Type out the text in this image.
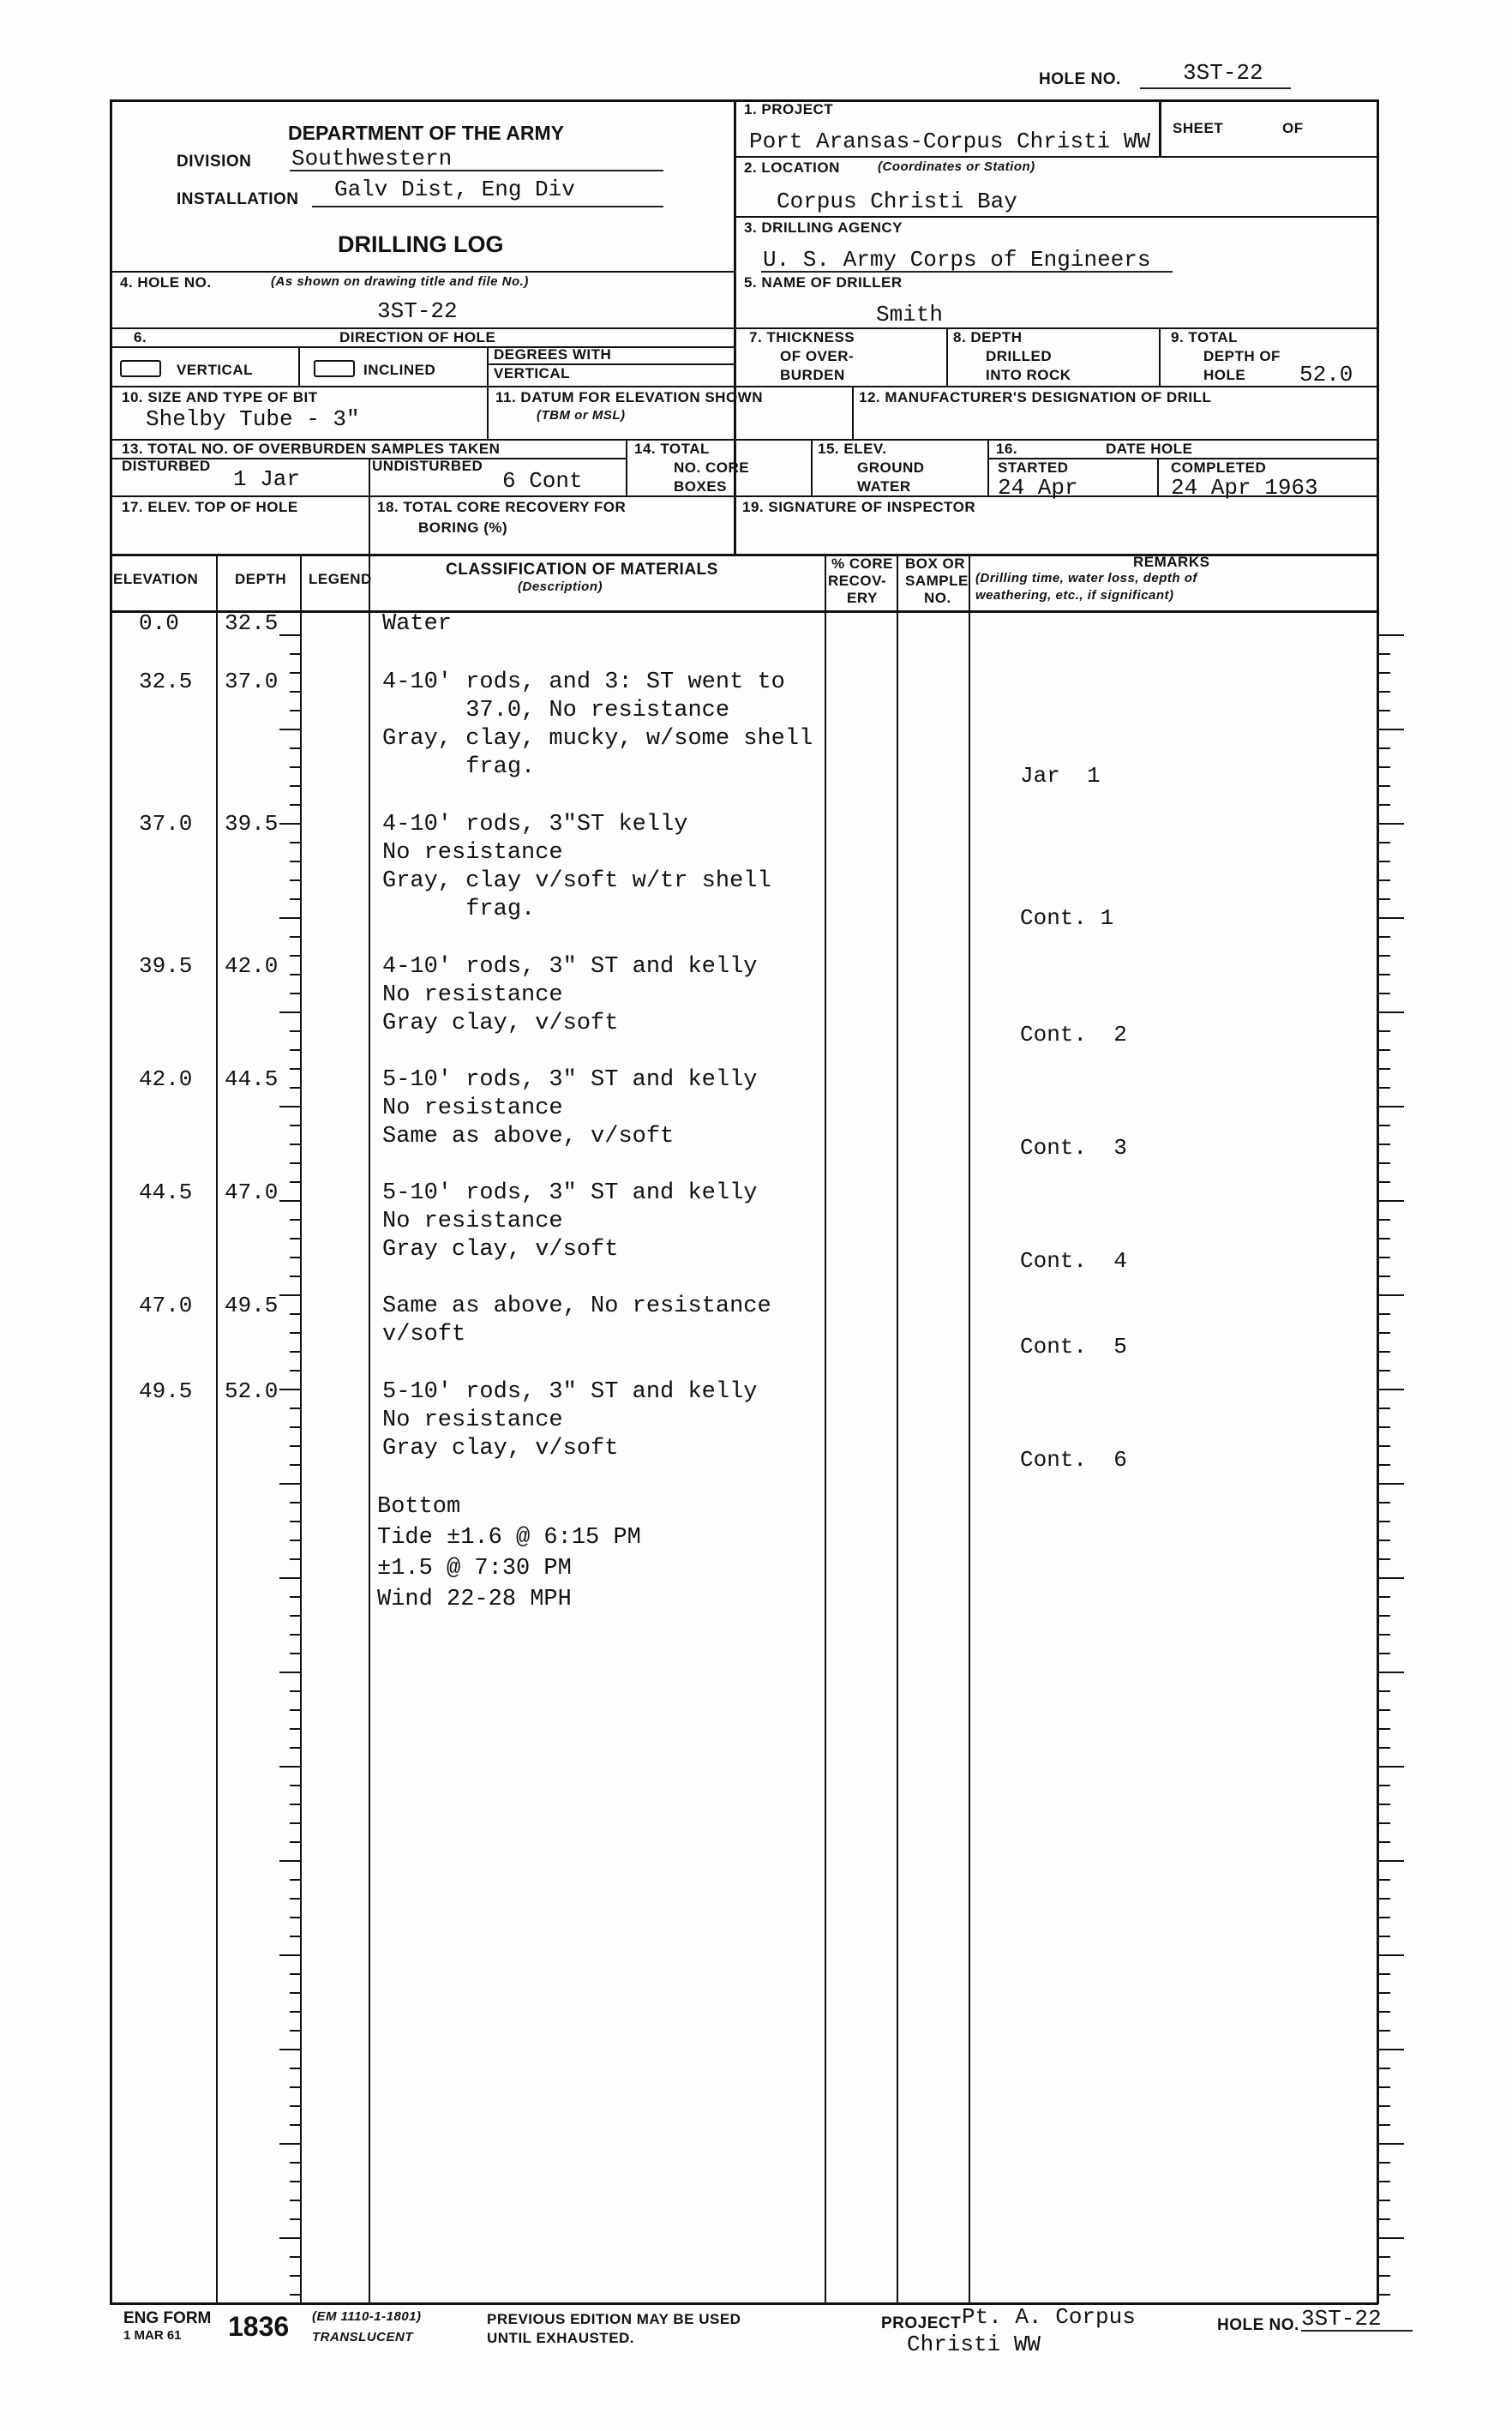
HOLE NO.	3ST-22
DEPARTMENT OF THE ARMY
DIVISION Southwestern
INSTALLATION Galv Dist, Eng Div
DRILLING LOG
4. HOLE NO.	(As shown on drawing title and file No.)
3ST-22
1. PROJECT
Port Aransas-Corpus Christi WW
SHEET	OF
2. LOCATION	(Coordinates or Station)
Corpus Christi Bay
3. DRILLING AGENCY
U. S. Army Corps of Engineers
5. NAME OF DRILLER
Smith
6.	DIRECTION OF HOLE
VERTICAL	INCLINED
DEGREES WITH
VERTICAL
7. THICKNESS
OF OVER-
BURDEN
8. DEPTH
DRILLED
INTO ROCK
9. TOTAL
DEPTH OF
HOLE 52.0
10. SIZE AND TYPE OF BIT
Shelby Tube - 3"
11. DATUM FOR ELEVATION SHOWN
(TBM or MSL)
12. MANUFACTURER'S DESIGNATION OF DRILL
13. TOTAL NO. OF OVERBURDEN SAMPLES TAKEN
DISTURBED
1 Jar
UNDISTURBED
6 Cont
14. TOTAL
NO. CORE
BOXES
15. ELEV.
GROUND
WATER
16.	DATE HOLE
STARTED
24 Apr
COMPLETED
24 Apr 1963
17. ELEV. TOP OF HOLE	18. TOTAL CORE RECOVERY FOR
BORING (%)
19. SIGNATURE OF INSPECTOR
ELEVATION	DEPTH LEGEND
CLASSIFICATION OF MATERIALS
(Description)
% CORE
RECOV-
ERY
BOX OR
SAMPLE
NO.
REMARKS
(Drilling time, water loss, depth of
weathering, etc., if significant)
0.0 32.5	Water
32.5 37.0	4-10' rods, and 3: ST went to
37.0, No resistance
Gray, clay, mucky, w/some shell
frag.	Jar  1
37.0 39.5	4-10' rods, 3"ST kelly
No resistance
Gray, clay v/soft w/tr shell
frag.	Cont. 1
39.5 42.0	4-10' rods, 3" ST and kelly
No resistance
Gray clay, v/soft	Cont.  2
42.0 44.5	5-10' rods, 3" ST and kelly
No resistance
Same as above, v/soft	Cont.  3
44.5 47.0	5-10' rods, 3" ST and kelly
No resistance
Gray clay, v/soft	Cont.  4
47.0 49.5	Same as above, No resistance
v/soft	Cont.  5
49.5 52.0	5-10' rods, 3" ST and kelly
No resistance
Gray clay, v/soft	Cont.  6
Bottom
Tide ±1.6 @ 6:15 PM
±1.5 @ 7:30 PM
Wind 22-28 MPH
ENG FORM
1 MAR 61 1836 (EM 1110-1-1801)
TRANSLUCENT
PREVIOUS EDITION MAY BE USED
UNTIL EXHAUSTED.
PROJECT Pt. A. Corpus
Christi WW
HOLE NO. 3ST-22
